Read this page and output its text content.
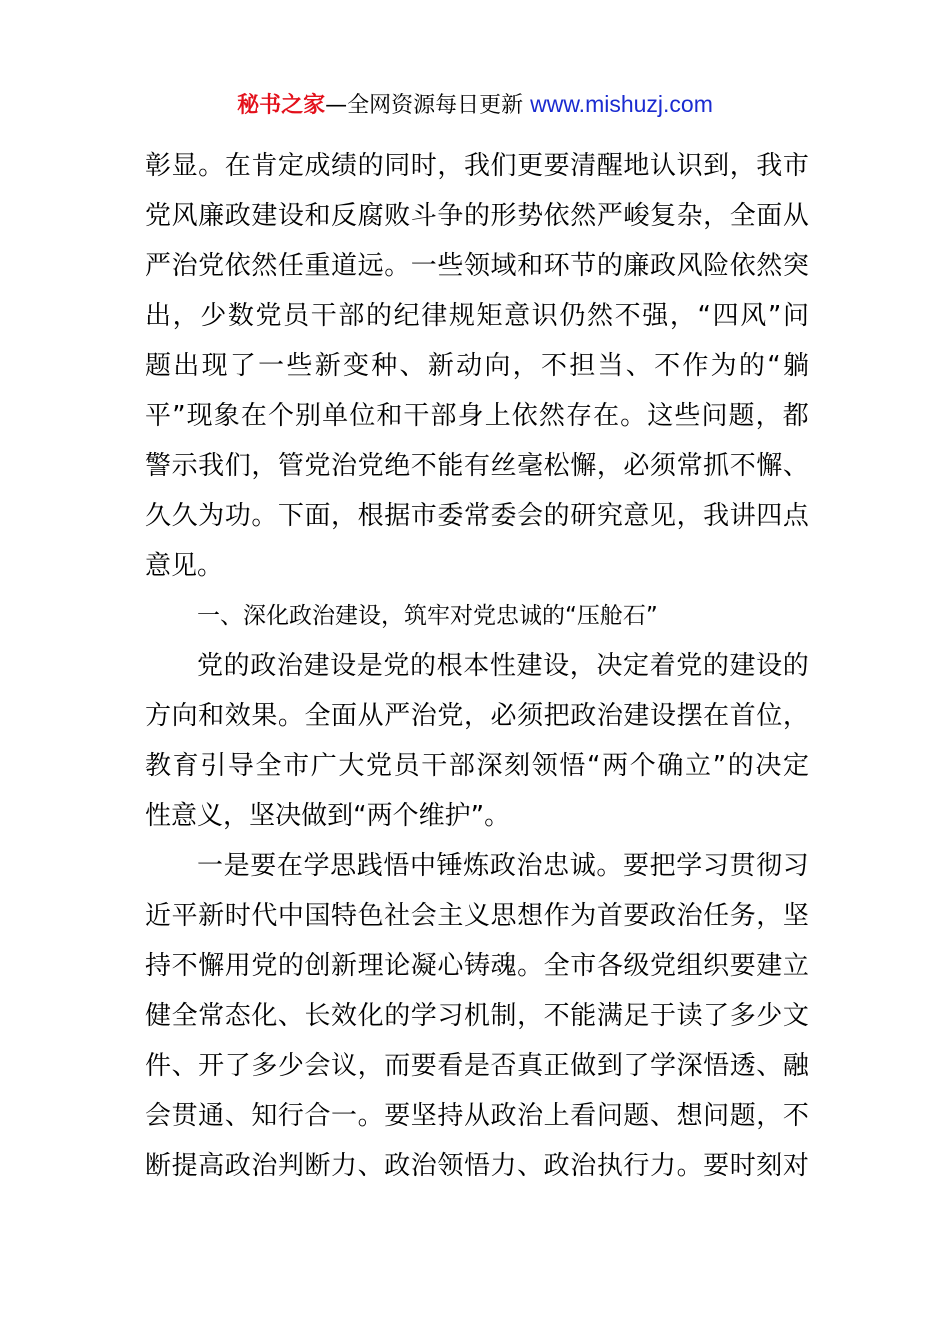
秘书之家—全网资源每日更新 www.mishuzj.com
彰 显 。 在 肯 定 成 绩 的 同 时 ， 我 们 更 要 清 醒 地 认 识 到 ， 我 市
党 风 廉 政 建 设 和 反 腐 败 斗 争 的 形 势 依 然 严 峻 复 杂 ， 全 面 从
严 治 党 依 然 任 重 道 远 。 一 些 领 域 和 环 节 的 廉 政 风 险 依 然 突
出 ， 少 数 党 员 干 部 的 纪 律 规 矩 意 识 仍 然 不 强 ， “ 四 风 ” 问
题 出 现 了 一 些 新 变 种 、 新 动 向 ， 不 担 当 、 不 作 为 的 “ 躺
平 ” 现 象 在 个 别 单 位 和 干 部 身 上 依 然 存 在 。 这 些 问 题 ， 都
警 示 我 们 ， 管 党 治 党 绝 不 能 有 丝 毫 松 懈 ， 必 须 常 抓 不 懈 、
久 久 为 功 。 下 面 ， 根 据 市 委 常 委 会 的 研 究 意 见 ， 我 讲 四 点
意 见 。
一 、 深 化 政 治 建 设 ， 筑 牢 对 党 忠 诚 的 “ 压 舱 石 ”
党 的 政 治 建 设 是 党 的 根 本 性 建 设 ， 决 定 着 党 的 建 设 的
方 向 和 效 果 。 全 面 从 严 治 党 ， 必 须 把 政 治 建 设 摆 在 首 位 ，
教 育 引 导 全 市 广 大 党 员 干 部 深 刻 领 悟 “ 两 个 确 立 ” 的 决 定
性 意 义 ， 坚 决 做 到 “ 两 个 维 护 ” 。
一 是 要 在 学 思 践 悟 中 锤 炼 政 治 忠 诚 。 要 把 学 习 贯 彻 习
近 平 新 时 代 中 国 特 色 社 会 主 义 思 想 作 为 首 要 政 治 任 务 ， 坚
持 不 懈 用 党 的 创 新 理 论 凝 心 铸 魂 。 全 市 各 级 党 组 织 要 建 立
健 全 常 态 化 、 长 效 化 的 学 习 机 制 ， 不 能 满 足 于 读 了 多 少 文
件 、 开 了 多 少 会 议 ， 而 要 看 是 否 真 正 做 到 了 学 深 悟 透 、 融
会 贯 通 、 知 行 合 一 。 要 坚 持 从 政 治 上 看 问 题 、 想 问 题 ， 不
断 提 高 政 治 判 断 力 、 政 治 领 悟 力 、 政 治 执 行 力 。 要 时 刻 对
